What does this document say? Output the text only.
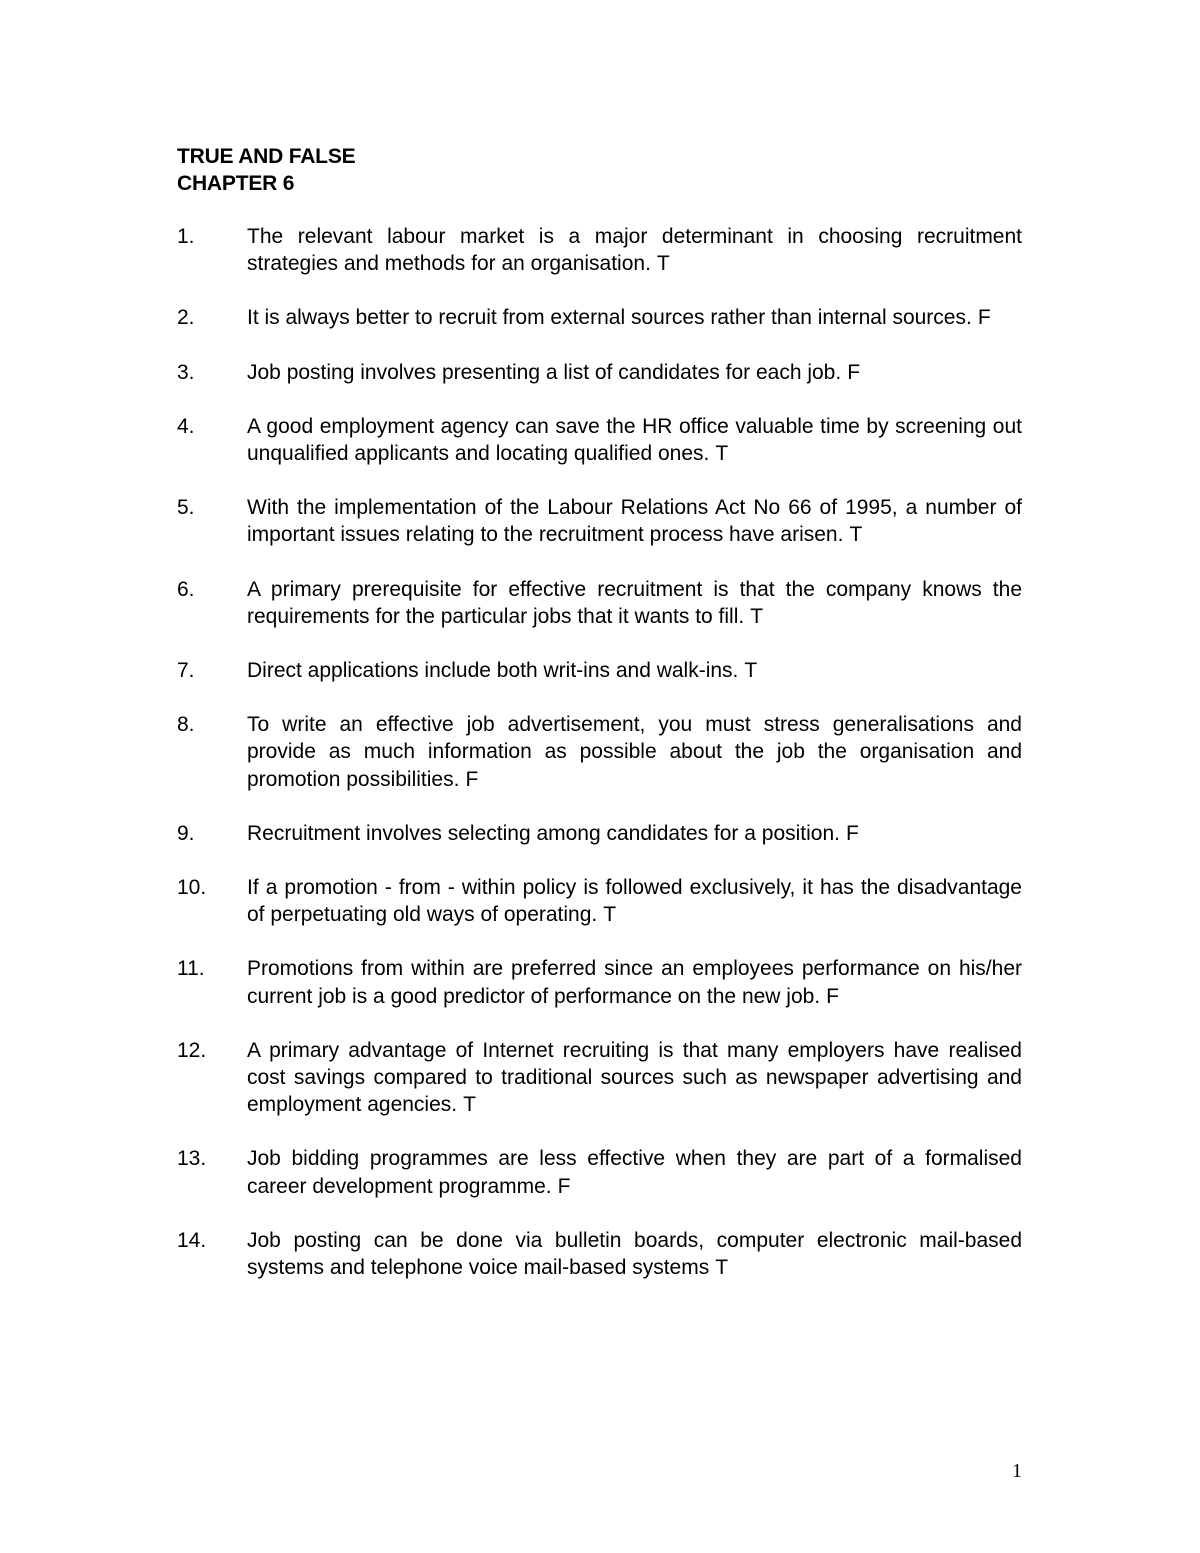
TRUE AND FALSE
CHAPTER 6
1.	The relevant labour market is a major determinant in choosing recruitment strategies and methods for an organisation. T
2.	It is always better to recruit from external sources rather than internal sources. F
3.	Job posting involves presenting a list of candidates for each job. F
4.	A good employment agency can save the HR office valuable time by screening out unqualified applicants and locating qualified ones. T
5.	With the implementation of the Labour Relations Act No 66 of 1995, a number of important issues relating to the recruitment process have arisen. T
6.	A primary prerequisite for effective recruitment is that the company knows the requirements for the particular jobs that it wants to fill. T
7.	Direct applications include both writ-ins and walk-ins. T
8.	To write an effective job advertisement, you must stress generalisations and provide as much information as possible about the job the organisation and promotion possibilities. F
9.	Recruitment involves selecting among candidates for a position. F
10.	If a promotion - from - within policy is followed exclusively, it has the disadvantage of perpetuating old ways of operating. T
11.	Promotions from within are preferred since an employees performance on his/her current job is a good predictor of performance on the new job. F
12.	A primary advantage of Internet recruiting is that many employers have realised cost savings compared to traditional sources such as newspaper advertising and employment agencies. T
13.	Job bidding programmes are less effective when they are part of a formalised career development programme. F
14.	Job posting can be done via bulletin boards, computer electronic mail-based systems and telephone voice mail-based systems T
1
